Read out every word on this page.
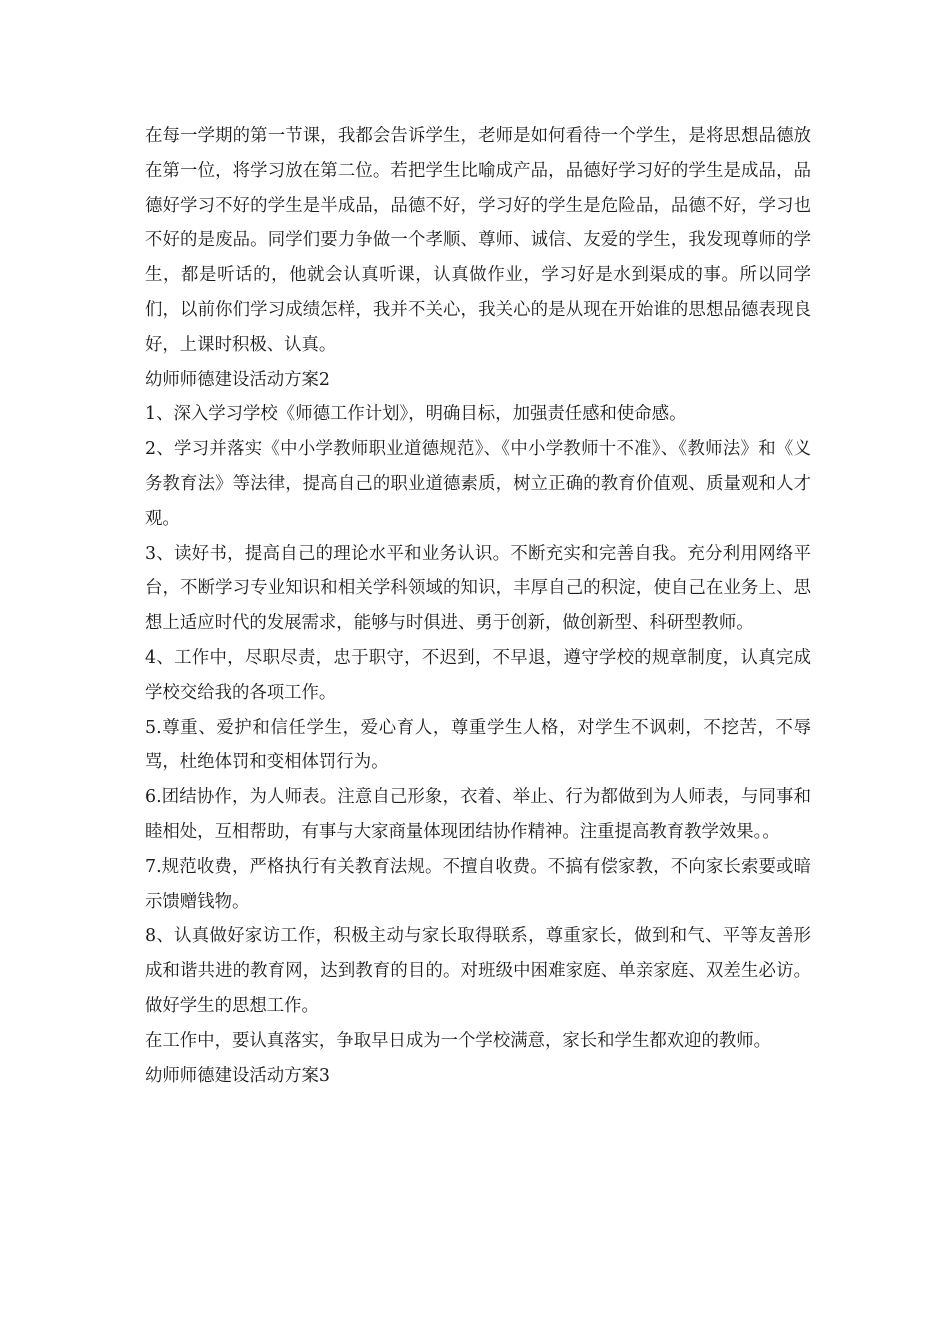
在每一学期的第一节课，我都会告诉学生，老师是如何看待一个学生，是将思想品德放在第一位，将学习放在第二位。若把学生比喻成产品，品德好学习好的学生是成品，品德好学习不好的学生是半成品，品德不好，学习好的学生是危险品，品德不好，学习也不好的是废品。同学们要力争做一个孝顺、尊师、诚信、友爱的学生，我发现尊师的学生，都是听话的，他就会认真听课，认真做作业，学习好是水到渠成的事。所以同学们，以前你们学习成绩怎样，我并不关心，我关心的是从现在开始谁的思想品德表现良好，上课时积极、认真。

幼师师德建设活动方案2

1、深入学习学校《师德工作计划》，明确目标，加强责任感和使命感。

2、学习并落实《中小学教师职业道德规范》、《中小学教师十不准》、《教师法》和《义务教育法》等法律，提高自己的职业道德素质，树立正确的教育价值观、质量观和人才观。

3、读好书，提高自己的理论水平和业务认识。不断充实和完善自我。充分利用网络平台，不断学习专业知识和相关学科领域的知识，丰厚自己的积淀，使自己在业务上、思想上适应时代的发展需求，能够与时俱进、勇于创新，做创新型、科研型教师。

4、工作中，尽职尽责，忠于职守，不迟到，不早退，遵守学校的规章制度，认真完成学校交给我的各项工作。

5.尊重、爱护和信任学生，爱心育人，尊重学生人格，对学生不讽刺，不挖苦，不辱骂，杜绝体罚和变相体罚行为。

6.团结协作，为人师表。注意自己形象，衣着、举止、行为都做到为人师表，与同事和睦相处，互相帮助，有事与大家商量体现团结协作精神。注重提高教育教学效果。。

7.规范收费，严格执行有关教育法规。不擅自收费。不搞有偿家教，不向家长索要或暗示馈赠钱物。

8、认真做好家访工作，积极主动与家长取得联系，尊重家长，做到和气、平等友善形成和谐共进的教育网，达到教育的目的。对班级中困难家庭、单亲家庭、双差生必访。做好学生的思想工作。

在工作中，要认真落实，争取早日成为一个学校满意，家长和学生都欢迎的教师。

幼师师德建设活动方案3
